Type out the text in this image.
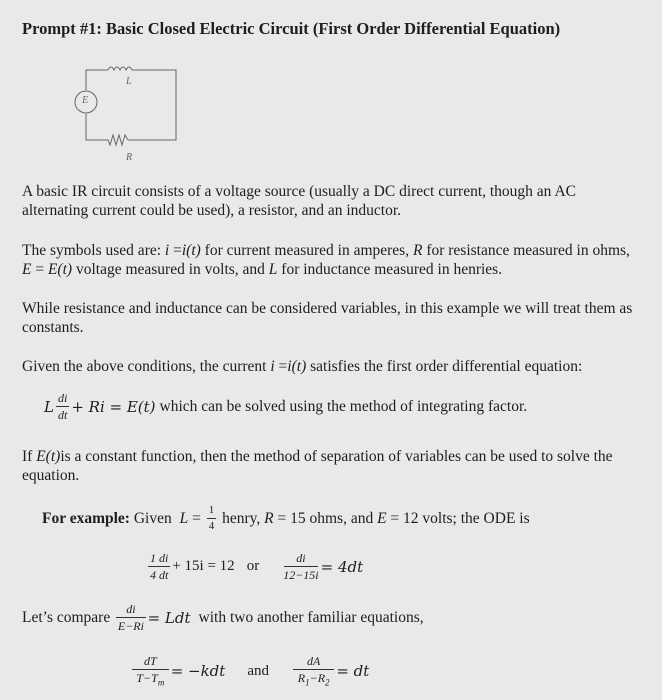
Prompt #1: Basic Closed Electric Circuit (First Order Differential Equation)
E
L
R
A basic IR circuit consists of a voltage source (usually a DC direct current, though an AC alternating current could be used), a resistor, and an inductor.
The symbols used are: i =i(t) for current measured in amperes, R for resistance measured in ohms, E = E(t) voltage measured in volts, and L for inductance measured in henries.
While resistance and inductance can be considered variables, in this example we will treat them as constants.
Given the above conditions, the current i =i(t) satisfies the first order differential equation:
L $\frac{di}{dt} + Ri = E(t)$ which can be solved using the method of integrating factor.
If E(t)is a constant function, then the method of separation of variables can be used to solve the equation.
For example: Given $L = \frac{1}{4}$ henry, R = 15 ohms, and E = 12 volts; the ODE is
$\frac{1 di}{4 dt} + 15i = 12$ or $\frac{di}{12-15i} = 4dt$
Let’s compare $\frac{di}{E-Ri}$ = Ldt with two another familiar equations,
$\frac{dT}{T-T_m} = -kdt$ and $\frac{dA}{R_1-R_2}$ = dt
